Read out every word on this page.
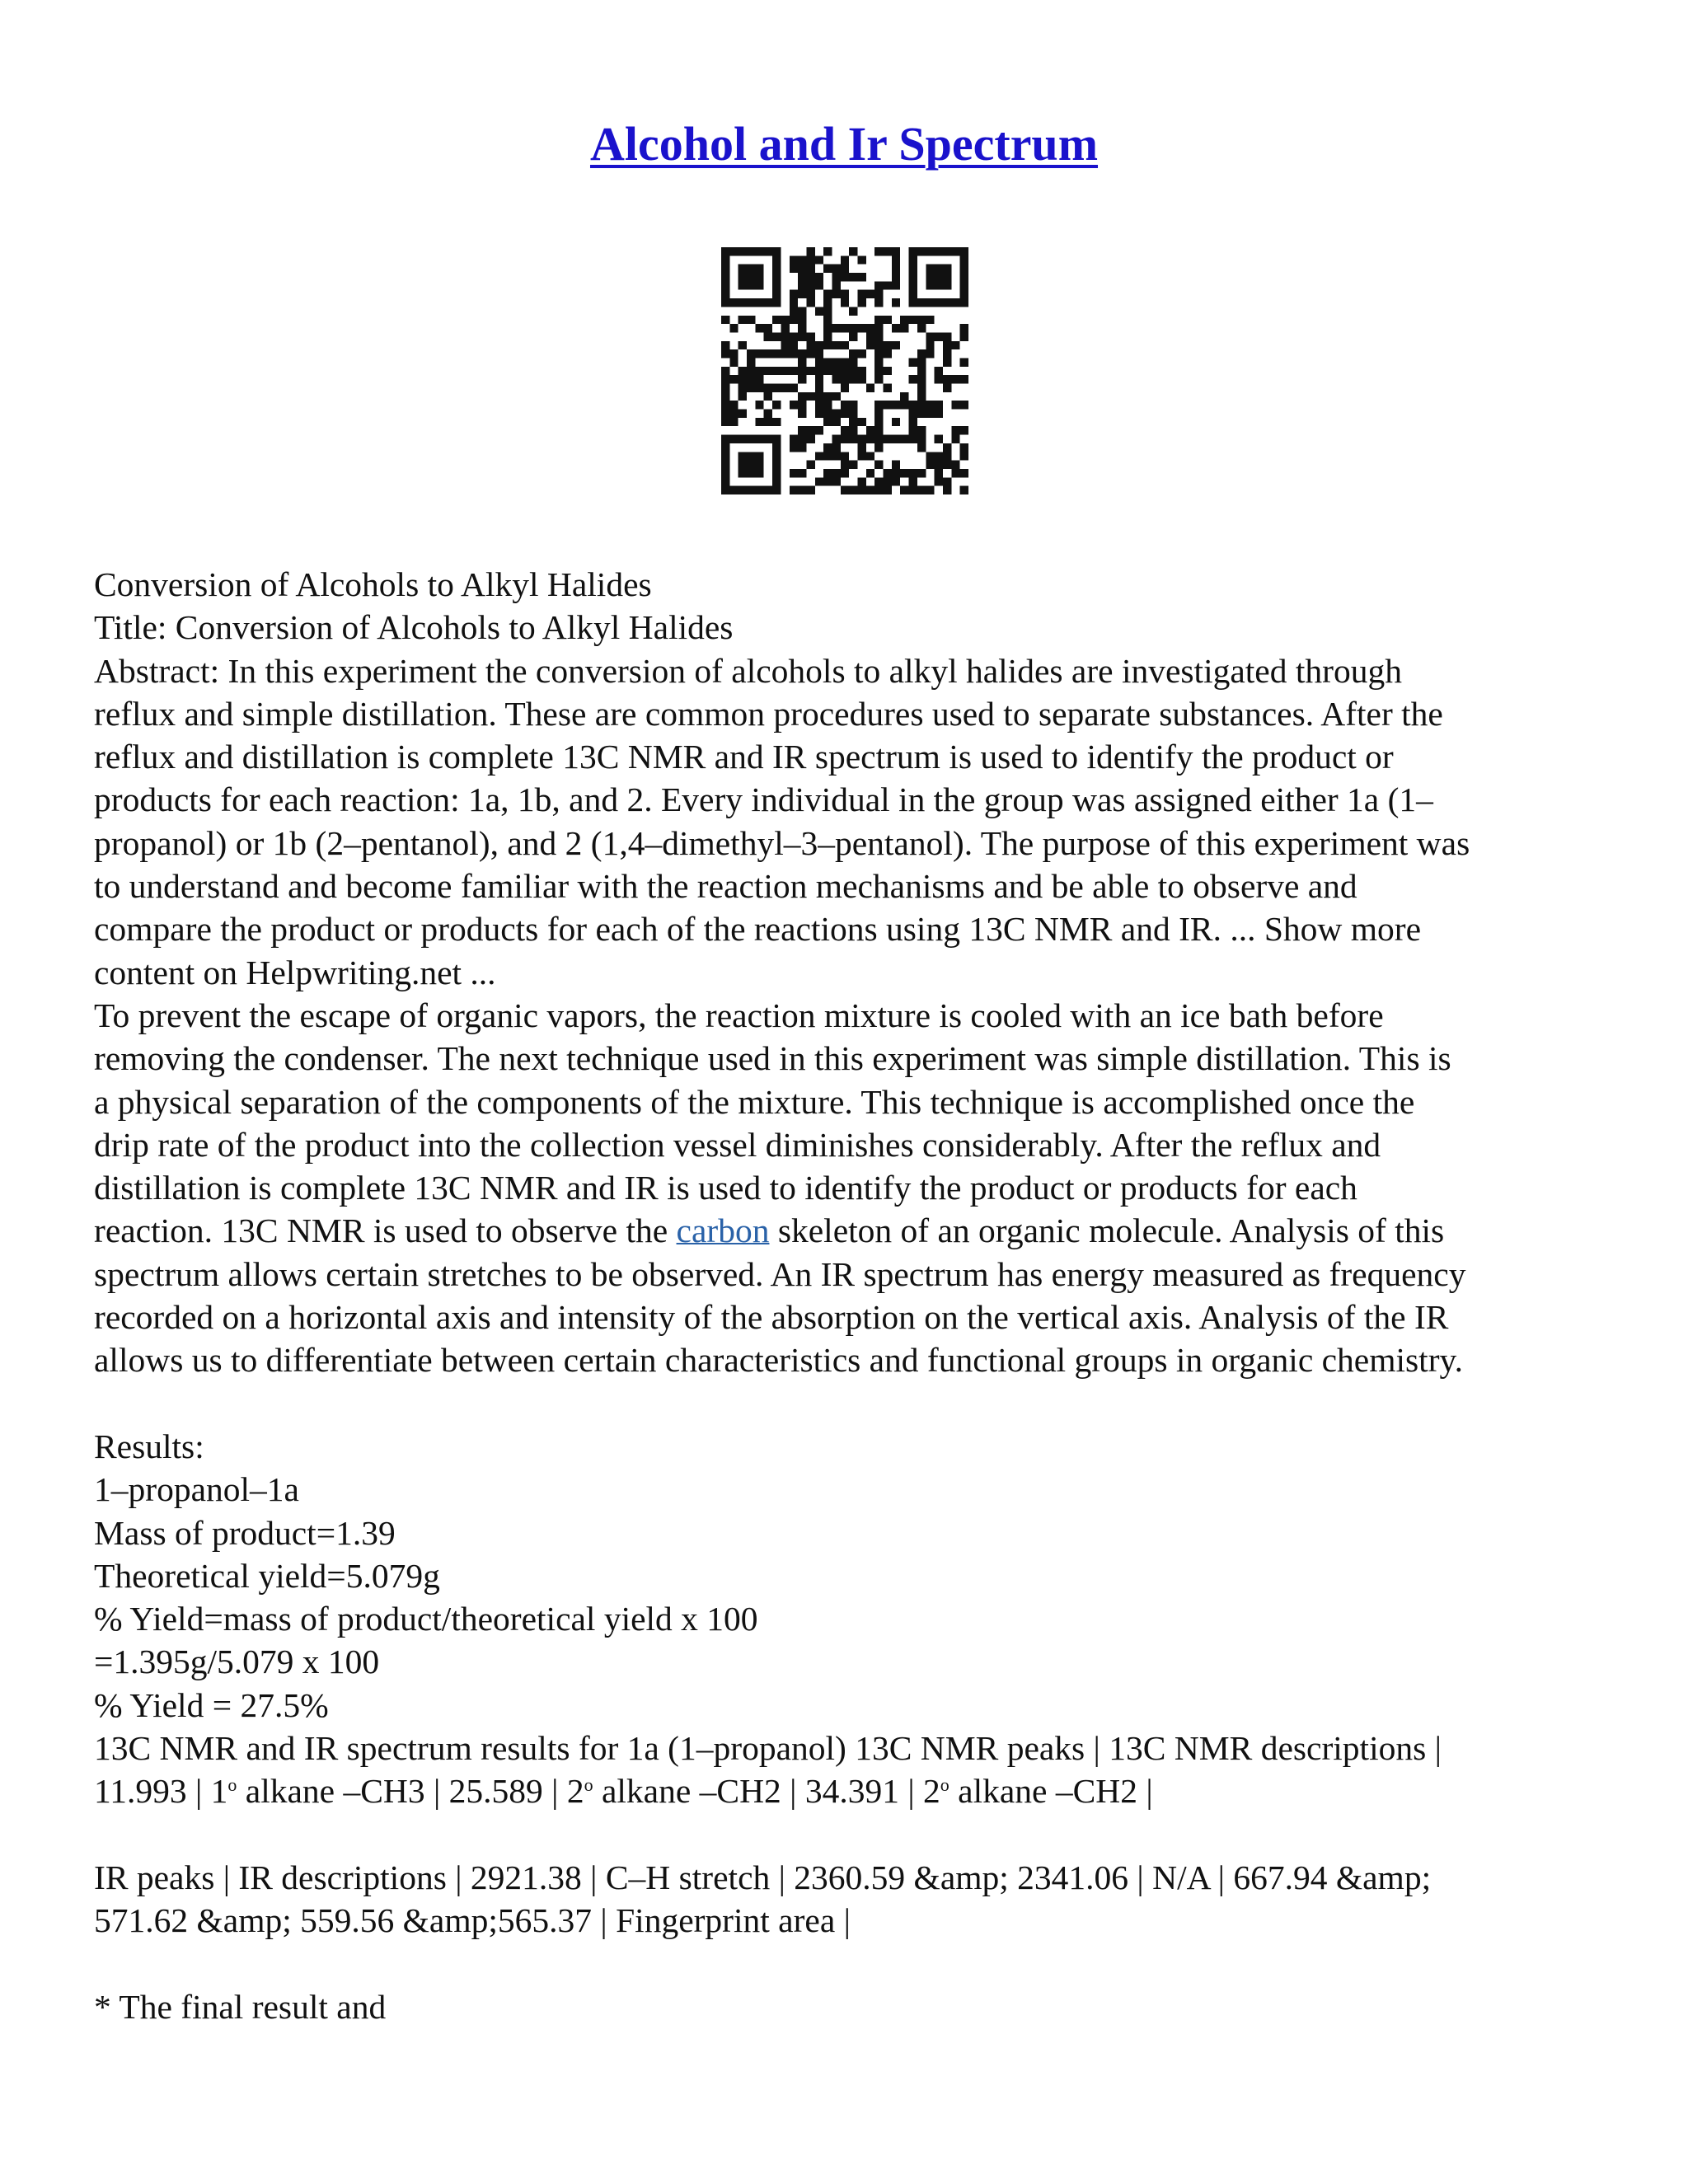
Alcohol and Ir Spectrum
Conversion of Alcohols to Alkyl Halides
Title: Conversion of Alcohols to Alkyl Halides
Abstract: In this experiment the conversion of alcohols to alkyl halides are investigated through
reflux and simple distillation. These are common procedures used to separate substances. After the
reflux and distillation is complete 13C NMR and IR spectrum is used to identify the product or
products for each reaction: 1a, 1b, and 2. Every individual in the group was assigned either 1a (1–
propanol) or 1b (2–pentanol), and 2 (1,4–dimethyl–3–pentanol). The purpose of this experiment was
to understand and become familiar with the reaction mechanisms and be able to observe and
compare the product or products for each of the reactions using 13C NMR and IR. ... Show more
content on Helpwriting.net ...
To prevent the escape of organic vapors, the reaction mixture is cooled with an ice bath before
removing the condenser. The next technique used in this experiment was simple distillation. This is
a physical separation of the components of the mixture. This technique is accomplished once the
drip rate of the product into the collection vessel diminishes considerably. After the reflux and
distillation is complete 13C NMR and IR is used to identify the product or products for each
reaction. 13C NMR is used to observe the carbon skeleton of an organic molecule. Analysis of this
spectrum allows certain stretches to be observed. An IR spectrum has energy measured as frequency
recorded on a horizontal axis and intensity of the absorption on the vertical axis. Analysis of the IR
allows us to differentiate between certain characteristics and functional groups in organic chemistry.
Results:
1–propanol–1a
Mass of product=1.39
Theoretical yield=5.079g
% Yield=mass of product/theoretical yield x 100
=1.395g/5.079 x 100
% Yield = 27.5%
13C NMR and IR spectrum results for 1a (1–propanol) 13C NMR peaks | 13C NMR descriptions |
11.993 | 1$^o$ alkane –CH3 | 25.589 | 2$^o$ alkane –CH2 | 34.391 | 2$^o$ alkane –CH2 |
IR peaks | IR descriptions | 2921.38 | C–H stretch | 2360.59 &amp; 2341.06 | N/A | 667.94 &amp;
571.62 &amp; 559.56 &amp;565.37 | Fingerprint area |
* The final result and
